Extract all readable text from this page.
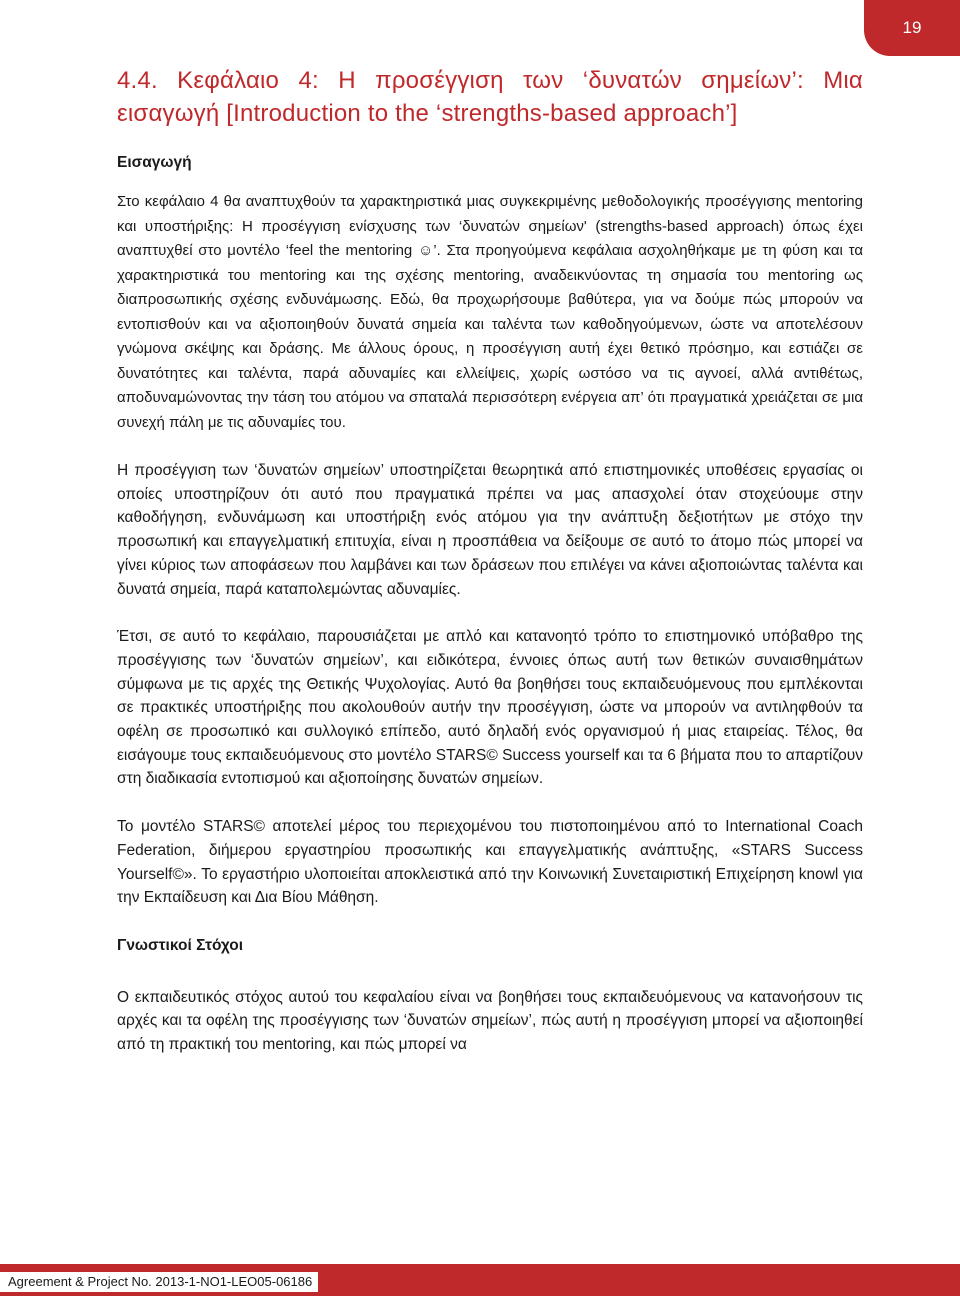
19
4.4. Κεφάλαιο 4: Η προσέγγιση των ‘δυνατών σημείων’: Μια εισαγωγή [Introduction to the ‘strengths-based approach’]
Εισαγωγή

Στο κεφάλαιο 4 θα αναπτυχθούν τα χαρακτηριστικά μιας συγκεκριμένης μεθοδολογικής προσέγγισης mentoring και υποστήριξης: Η προσέγγιση ενίσχυσης των ‘δυνατών σημείων' (strengths-based approach) όπως έχει αναπτυχθεί στο μοντέλο ‘feel the mentoring ☺’. Στα προηγούμενα κεφάλαια ασχοληθήκαμε με τη φύση και τα χαρακτηριστικά του mentoring και της σχέσης mentoring, αναδεικνύοντας τη σημασία του mentoring ως διαπροσωπικής σχέσης ενδυνάμωσης. Εδώ, θα προχωρήσουμε βαθύτερα, για να δούμε πώς μπορούν να εντοπισθούν και να αξιοποιηθούν δυνατά σημεία και ταλέντα των καθοδηγούμενων, ώστε να αποτελέσουν γνώμονα σκέψης και δράσης. Με άλλους όρους, η προσέγγιση αυτή έχει θετικό πρόσημο, και εστιάζει σε δυνατότητες και ταλέντα, παρά αδυναμίες και ελλείψεις, χωρίς ωστόσο να τις αγνοεί, αλλά αντιθέτως, αποδυναμώνοντας την τάση του ατόμου να σπαταλά περισσότερη ενέργεια απ’ ότι πραγματικά χρειάζεται σε μια συνεχή πάλη με τις αδυναμίες του.

Η προσέγγιση των ‘δυνατών σημείων’ υποστηρίζεται θεωρητικά από επιστημονικές υποθέσεις εργασίας οι οποίες υποστηρίζουν ότι αυτό που πραγματικά πρέπει να μας απασχολεί όταν στοχεύουμε στην καθοδήγηση, ενδυνάμωση και υποστήριξη ενός ατόμου για την ανάπτυξη δεξιοτήτων με στόχο την προσωπική και επαγγελματική επιτυχία, είναι η προσπάθεια να δείξουμε σε αυτό το άτομο πώς μπορεί να γίνει κύριος των αποφάσεων που λαμβάνει και των δράσεων που επιλέγει να κάνει αξιοποιώντας ταλέντα και δυνατά σημεία, παρά καταπολεμώντας αδυναμίες.

Έτσι, σε αυτό το κεφάλαιο, παρουσιάζεται με απλό και κατανοητό τρόπο το επιστημονικό υπόβαθρο της προσέγγισης των ‘δυνατών σημείων’, και ειδικότερα, έννοιες όπως αυτή των θετικών συναισθημάτων σύμφωνα με τις αρχές της Θετικής Ψυχολογίας. Αυτό θα βοηθήσει τους εκπαιδευόμενους που εμπλέκονται σε πρακτικές υποστήριξης που ακολουθούν αυτήν την προσέγγιση, ώστε να μπορούν να αντιληφθούν τα οφέλη σε προσωπικό και συλλογικό επίπεδο, αυτό δηλαδή ενός οργανισμού ή μιας εταιρείας. Τέλος, θα εισάγουμε τους εκπαιδευόμενους στο μοντέλο STARS© Success yourself και τα 6 βήματα που το απαρτίζουν στη διαδικασία εντοπισμού και αξιοποίησης δυνατών σημείων.

Το μοντέλο STARS© αποτελεί μέρος του περιεχομένου του πιστοποιημένου από το International Coach Federation, διήμερου εργαστηρίου προσωπικής και επαγγελματικής ανάπτυξης, «STARS Success Yourself©». Το εργαστήριο υλοποιείται αποκλειστικά από την Κοινωνική Συνεταιριστική Επιχείρηση knowl για την Εκπαίδευση και Δια Βίου Μάθηση.

Γνωστικοί Στόχοι

Ο εκπαιδευτικός στόχος αυτού του κεφαλαίου είναι να βοηθήσει τους εκπαιδευόμενους να κατανοήσουν τις αρχές και τα οφέλη της προσέγγισης των ‘δυνατών σημείων’, πώς αυτή η προσέγγιση μπορεί να αξιοποιηθεί από τη πρακτική του mentoring, και πώς μπορεί να

Agreement & Project No. 2013-1-NO1-LEO05-06186
